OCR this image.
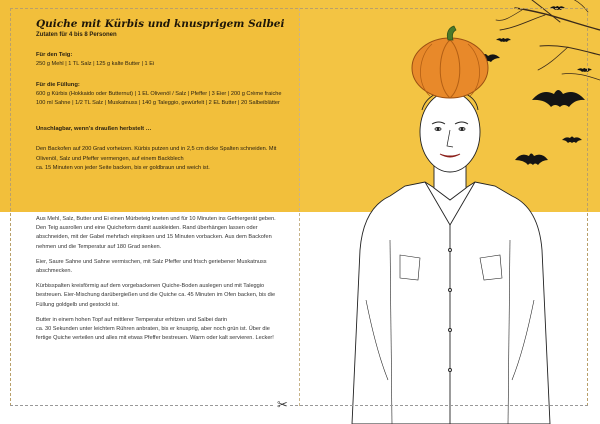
Quiche mit Kürbis und knusprigem Salbei

Zutaten für 4 bis 8 Personen

Für den Teig:

250 g Mehl | 1 TL Salz | 125 g kalte Butter | 1 Ei

Für die Füllung:

600 g Kürbis (Hokkaido oder Butternut) | 1 EL Olivenöl / Salz | Pfeffer | 3 Eier | 200 g Crème fraiche

100 ml Sahne | 1/2 TL Salz | Muskatnuss | 140 g Taleggio, gewürfelt | 2 EL Butter | 20 Salbeiblätter

Unschlagbar, wenn's draußen herbstelt …

Den Backofen auf 200 Grad vorheizen. Kürbis putzen und in 2,5 cm dicke Spalten schneiden. Mit

Olivenöl, Salz und Pfeffer vermengen, auf einem Backblech

ca. 15 Minuten von jeder Seite backen, bis er goldbraun und weich ist.

Aus Mehl, Salz, Butter und Ei einen Mürbeteig kneten und für 10 Minuten ins Gefriergerät geben.

Den Teig ausrollen und eine Quicheform damit auskleiden. Rand überhängen lassen oder

abschneiden, mit der Gabel mehrfach einpiksen und 15 Minuten vorbacken. Aus dem Backofen

nehmen und die Temperatur auf 180 Grad senken.

Eier, Saure Sahne und Sahne vermischen, mit Salz Pfeffer und frisch geriebener Muskatnuss

abschmecken.

Kürbisspalten kreisförmig auf dem vorgebackenen Quiche-Boden auslegen und mit Taleggio

bestreuen. Eier-Mischung darübergießen und die Quiche ca. 45 Minuten im Ofen backen, bis die

Füllung goldgelb und gestockt ist.

Butter in einem hohen Topf auf mittlerer Temperatur erhitzen und Salbei darin

ca. 30 Sekunden unter leichtem Rühren anbraten, bis er knusprig, aber noch grün ist. Über die

fertige Quiche verteilen und alles mit etwas Pfeffer bestreuen. Warm oder kalt servieren. Lecker!

✂
